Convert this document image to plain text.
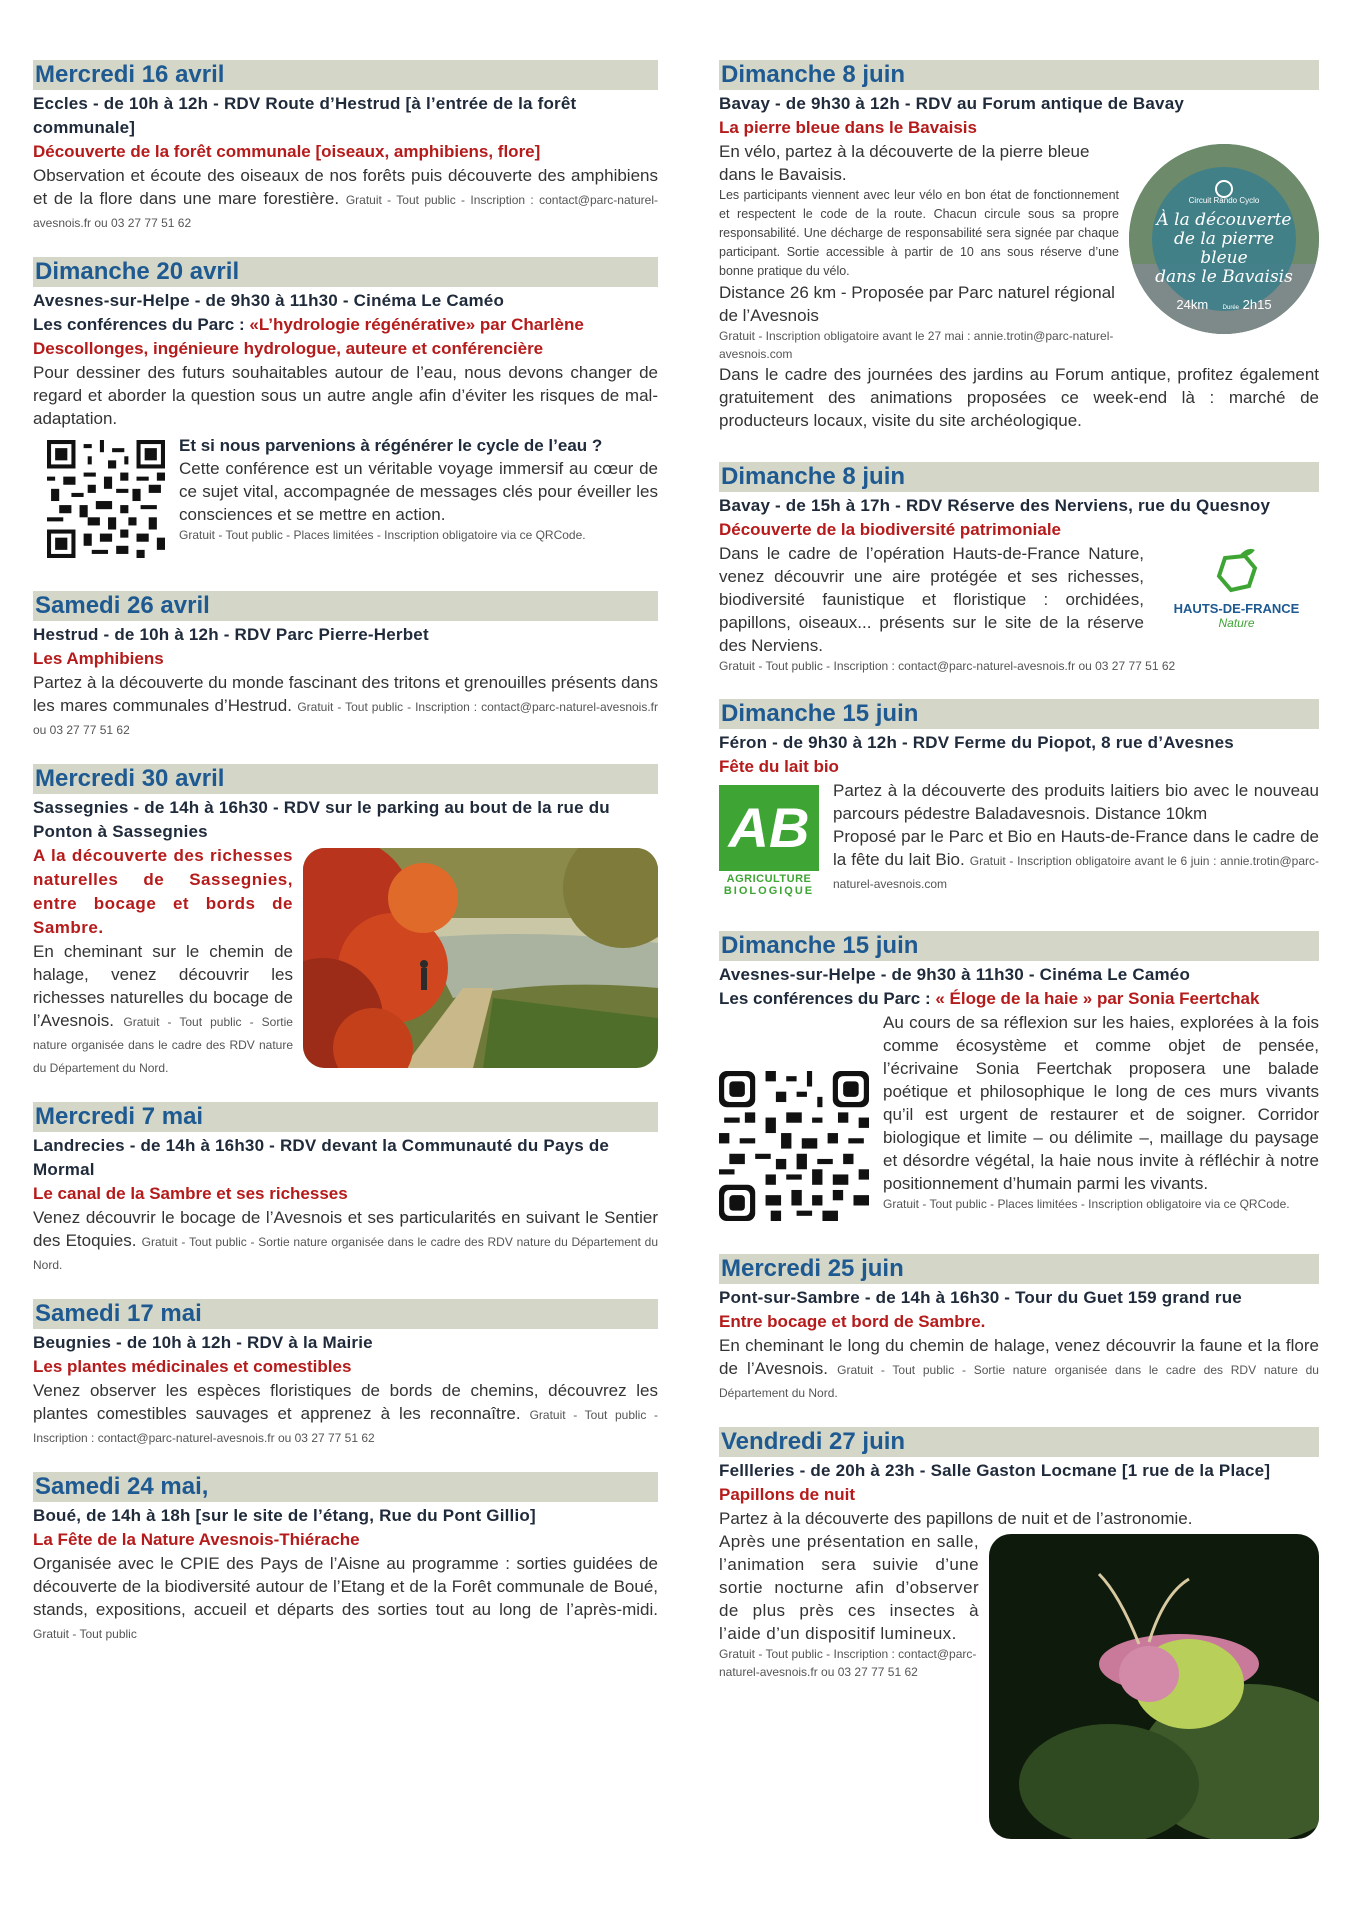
Mercredi 16 avril
Eccles - de 10h à 12h - RDV Route d’Hestrud [à l’entrée de la forêt communale]
Découverte de la forêt communale [oiseaux, amphibiens, flore]
Observation et écoute des oiseaux de nos forêts puis découverte des amphibiens et de la flore dans une mare forestière. Gratuit - Tout public - Inscription : contact@parc-naturel-avesnois.fr ou 03 27 77 51 62
Dimanche 20 avril
Avesnes-sur-Helpe - de 9h30 à 11h30 - Cinéma Le Caméo
Les conférences du Parc : «L’hydrologie régénérative» par Charlène Descollonges, ingénieure hydrologue, auteure et conférencière
Pour dessiner des futurs souhaitables autour de l’eau, nous devons changer de regard et aborder la question sous un autre angle afin d’éviter les risques de mal-adaptation.
Et si nous parvenions à régénérer le cycle de l’eau ?
Cette conférence est un véritable voyage immersif au cœur de ce sujet vital, accompagnée de messages clés pour éveiller les consciences et se mettre en action.
Gratuit - Tout public - Places limitées - Inscription obligatoire via ce QRCode.
Samedi 26 avril
Hestrud - de 10h à 12h - RDV Parc Pierre-Herbet
Les Amphibiens
Partez à la découverte du monde fascinant des tritons et grenouilles présents dans les mares communales d’Hestrud. Gratuit - Tout public - Inscription : contact@parc-naturel-avesnois.fr ou 03 27 77 51 62
Mercredi 30 avril
Sassegnies - de 14h à 16h30 - RDV sur le parking au bout de la rue du Ponton à Sassegnies
A la découverte des richesses naturelles de Sassegnies, entre bocage et bords de Sambre.
En cheminant sur le chemin de halage, venez découvrir les richesses naturelles du bocage de l’Avesnois. Gratuit - Tout public - Sortie nature organisée dans le cadre des RDV nature du Département du Nord.
Mercredi 7 mai
Landrecies - de 14h à 16h30 - RDV devant la Communauté du Pays de Mormal
Le canal de la Sambre et ses richesses
Venez découvrir le bocage de l’Avesnois et ses particularités en suivant le Sentier des Etoquies. Gratuit - Tout public - Sortie nature organisée dans le cadre des RDV nature du Département du Nord.
Samedi 17 mai
Beugnies - de 10h à 12h - RDV à la Mairie
Les plantes médicinales et comestibles
Venez observer les espèces floristiques de bords de chemins, découvrez les plantes comestibles sauvages et apprenez à les reconnaître. Gratuit - Tout public - Inscription : contact@parc-naturel-avesnois.fr ou 03 27 77 51 62
Samedi 24 mai,
Boué, de 14h à 18h [sur le site de l’étang, Rue du Pont Gillio]
La Fête de la Nature Avesnois-Thiérache
Organisée avec le CPIE des Pays de l’Aisne au programme : sorties guidées de découverte de la biodiversité autour de l’Etang et de la Forêt communale de Boué, stands, expositions, accueil et départs des sorties tout au long de l’après-midi. Gratuit - Tout public
Dimanche 8 juin
Bavay - de 9h30 à 12h - RDV au Forum antique de Bavay
La pierre bleue dans le Bavaisis
Circuit Rando Cyclo
À la découverte
de la pierre bleue
dans le Bavaisis
24km Durée 2h15
En vélo, partez à la découverte de la pierre bleue dans le Bavaisis.
Les participants viennent avec leur vélo en bon état de fonctionnement et respectent le code de la route. Chacun circule sous sa propre responsabilité. Une décharge de responsabilité sera signée par chaque participant. Sortie accessible à partir de 10 ans sous réserve d’une bonne pratique du vélo.
Distance 26 km - Proposée par Parc naturel régional de l’Avesnois
Gratuit - Inscription obligatoire avant le 27 mai : annie.trotin@parc-naturel-avesnois.com
Dans le cadre des journées des jardins au Forum antique, profitez également gratuitement des animations proposées ce week-end là : marché de producteurs locaux, visite du site archéologique.
Dimanche 8 juin
Bavay - de 15h à 17h - RDV Réserve des Nerviens, rue du Quesnoy
Découverte de la biodiversité patrimoniale
HAUTS-DE-FRANCE
Nature
Dans le cadre de l’opération Hauts-de-France Nature, venez découvrir une aire protégée et ses richesses, biodiversité faunistique et floristique : orchidées, papillons, oiseaux... présents sur le site de la réserve des Nerviens.
Gratuit - Tout public - Inscription : contact@parc-naturel-avesnois.fr ou 03 27 77 51 62
Dimanche 15 juin
Féron - de 9h30 à 12h - RDV Ferme du Piopot, 8 rue d’Avesnes
Fête du lait bio
AB
AGRICULTURE
BIOLOGIQUE
Partez à la découverte des produits laitiers bio avec le nouveau parcours pédestre Baladavesnois. Distance 10km
Proposé par le Parc et Bio en Hauts-de-France dans le cadre de la fête du lait Bio. Gratuit - Inscription obligatoire avant le 6 juin : annie.trotin@parc-naturel-avesnois.com
Dimanche 15 juin
Avesnes-sur-Helpe - de 9h30 à 11h30 - Cinéma Le Caméo
Les conférences du Parc : « Éloge de la haie » par Sonia Feertchak
Au cours de sa réflexion sur les haies, explorées à la fois comme écosystème et comme objet de pensée, l’écrivaine Sonia Feertchak proposera une balade poétique et philosophique le long de ces murs vivants qu’il est urgent de restaurer et de soigner. Corridor biologique et limite – ou délimite –, maillage du paysage et désordre végétal, la haie nous invite à réfléchir à notre positionnement d’humain parmi les vivants.
Gratuit - Tout public - Places limitées - Inscription obligatoire via ce QRCode.
Mercredi 25 juin
Pont-sur-Sambre - de 14h à 16h30 - Tour du Guet 159 grand rue
Entre bocage et bord de Sambre.
En cheminant le long du chemin de halage, venez découvrir la faune et la flore de l’Avesnois. Gratuit - Tout public - Sortie nature organisée dans le cadre des RDV nature du Département du Nord.
Vendredi 27 juin
Fellleries - de 20h à 23h - Salle Gaston Locmane [1 rue de la Place]
Papillons de nuit
Partez à la découverte des papillons de nuit et de l’astronomie.
Après une présentation en salle, l’animation sera suivie d’une sortie nocturne afin d’observer de plus près ces insectes à l’aide d’un dispositif lumineux.
Gratuit - Tout public - Inscription : contact@parc-naturel-avesnois.fr ou 03 27 77 51 62
